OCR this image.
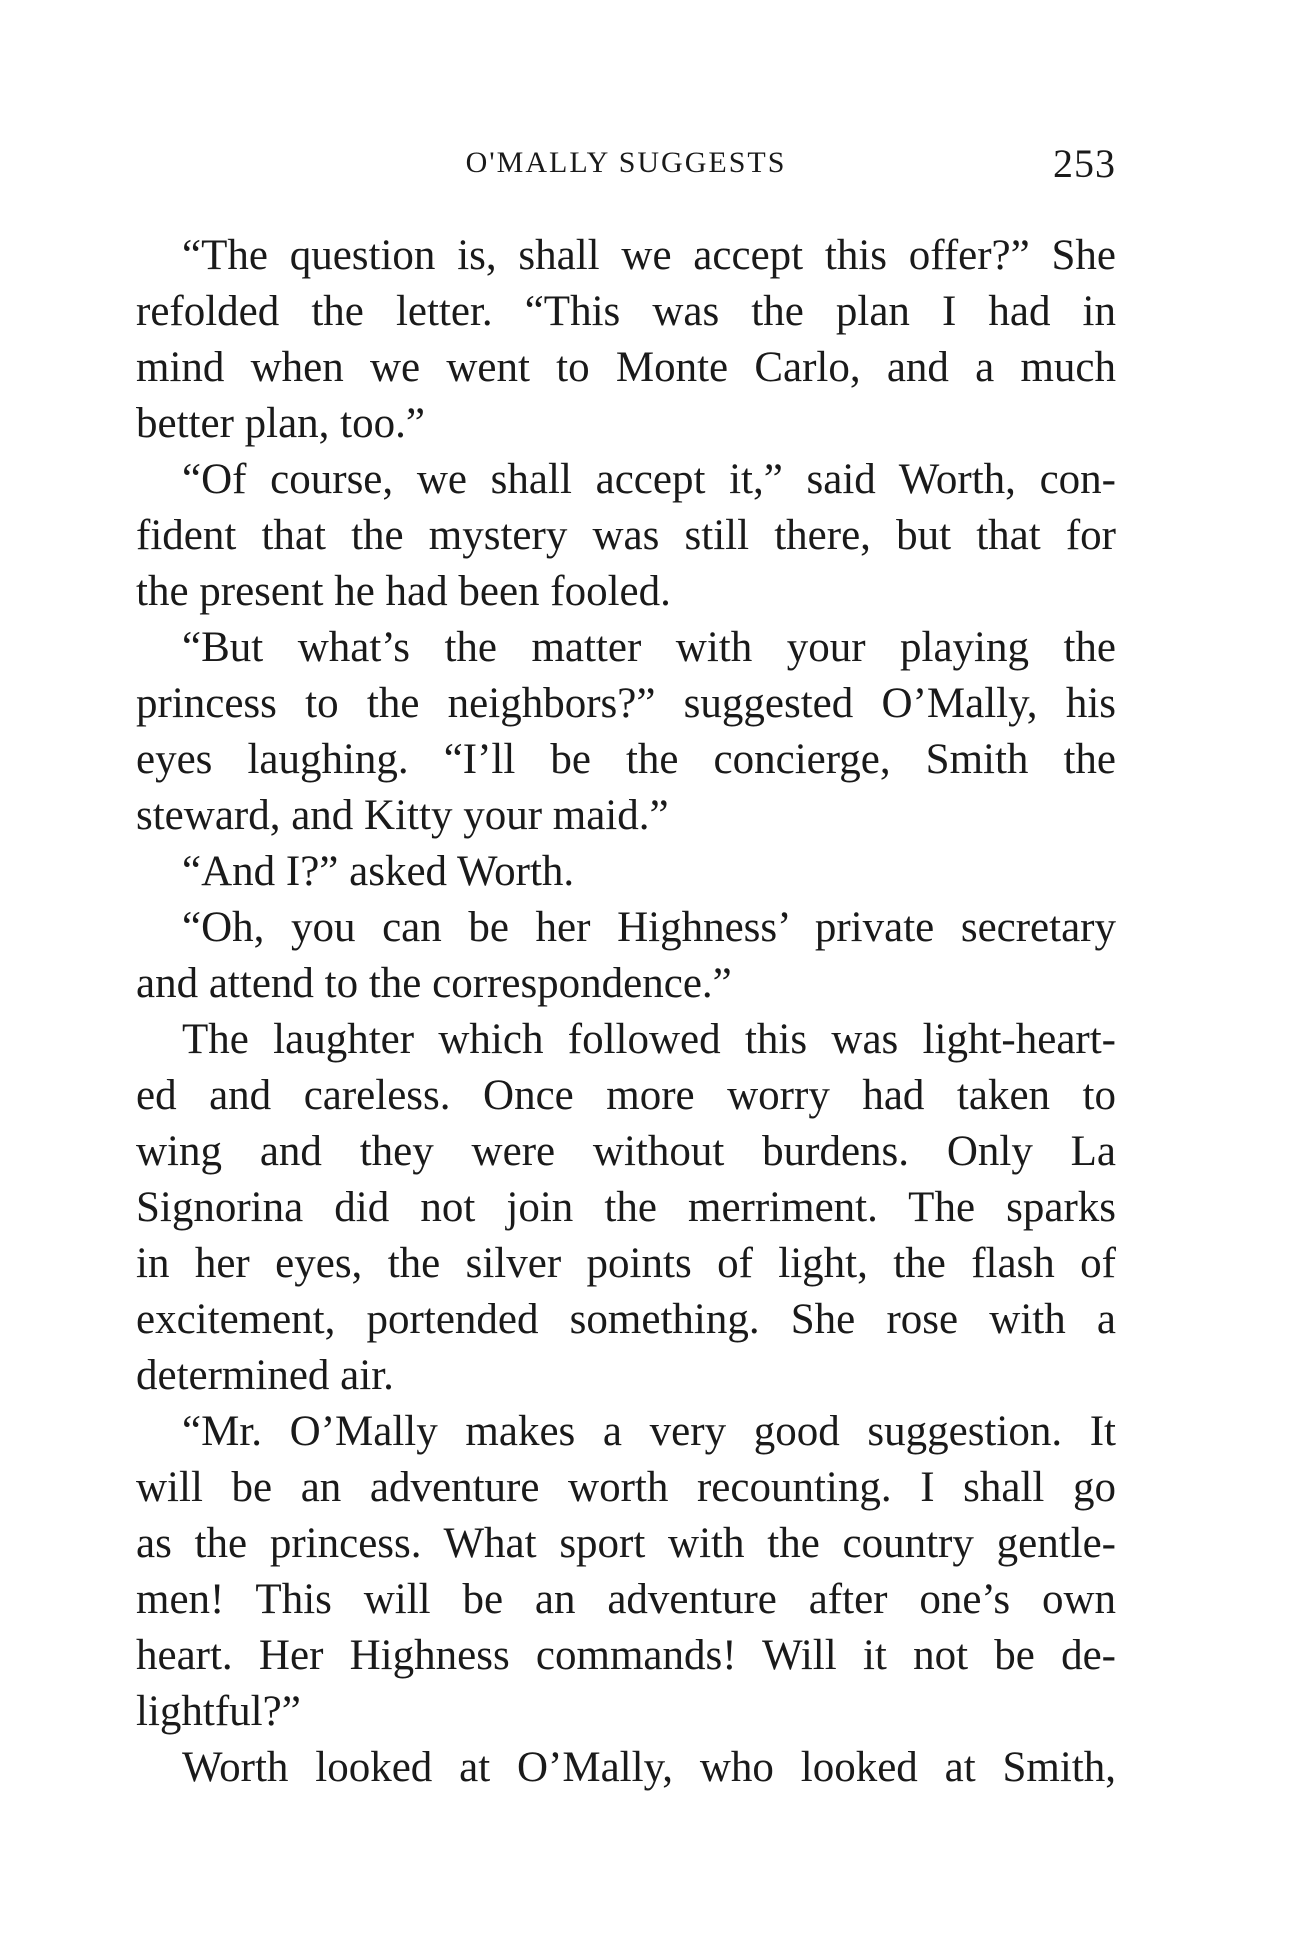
O'MALLY SUGGESTS	253
“The question is, shall we accept this offer?” She
refolded the letter. “This was the plan I had in
mind when we went to Monte Carlo, and a much
better plan, too.”
“Of course, we shall accept it,” said Worth, con-
fident that the mystery was still there, but that for
the present he had been fooled.
“But what’s the matter with your playing the
princess to the neighbors?” suggested O’Mally, his
eyes laughing. “I’ll be the concierge, Smith the
steward, and Kitty your maid.”
“And I?” asked Worth.
“Oh, you can be her Highness’ private secretary
and attend to the correspondence.”
The laughter which followed this was light-heart-
ed and careless. Once more worry had taken to
wing and they were without burdens. Only La
Signorina did not join the merriment. The sparks
in her eyes, the silver points of light, the flash of
excitement, portended something. She rose with a
determined air.
“Mr. O’Mally makes a very good suggestion. It
will be an adventure worth recounting. I shall go
as the princess. What sport with the country gentle-
men! This will be an adventure after one’s own
heart. Her Highness commands! Will it not be de-
lightful?”
Worth looked at O’Mally, who looked at Smith,
